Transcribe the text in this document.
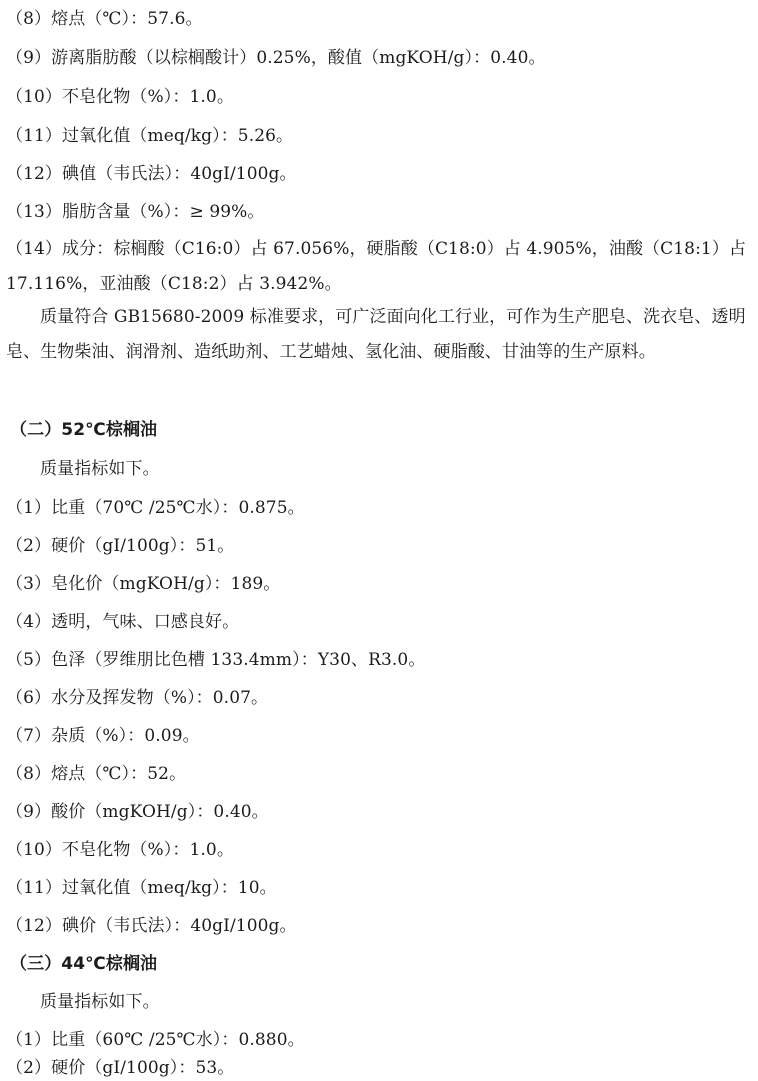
（8）熔点（℃）：57.6。
（9）游离脂肪酸（以棕榈酸计）0.25%，酸值（mgKOH/g）：0.40。
（10）不皂化物（%）：1.0。
（11）过氧化值（meq/kg）：5.26。
（12）碘值（韦氏法）：40gI/100g。
（13）脂肪含量（%）：≥ 99%。
（14）成分：棕榈酸（C16:0）占 67.056%，硬脂酸（C18:0）占 4.905%，油酸（C18:1）占 17.116%，亚油酸（C18:2）占 3.942%。
质量符合 GB15680-2009 标准要求，可广泛面向化工行业，可作为生产肥皂、洗衣皂、透明皂、生物柴油、润滑剂、造纸助剂、工艺蜡烛、氢化油、硬脂酸、甘油等的生产原料。
（二）52℃棕榈油
质量指标如下。
（1）比重（70℃ /25℃水）：0.875。
（2）硬价（gI/100g）：51。
（3）皂化价（mgKOH/g）：189。
（4）透明，气味、口感良好。
（5）色泽（罗维朋比色槽 133.4mm）：Y30、R3.0。
（6）水分及挥发物（%）：0.07。
（7）杂质（%）：0.09。
（8）熔点（℃）：52。
（9）酸价（mgKOH/g）：0.40。
（10）不皂化物（%）：1.0。
（11）过氧化值（meq/kg）：10。
（12）碘价（韦氏法）：40gI/100g。
（三）44℃棕榈油
质量指标如下。
（1）比重（60℃ /25℃水）：0.880。
（2）硬价（gI/100g）：53。
